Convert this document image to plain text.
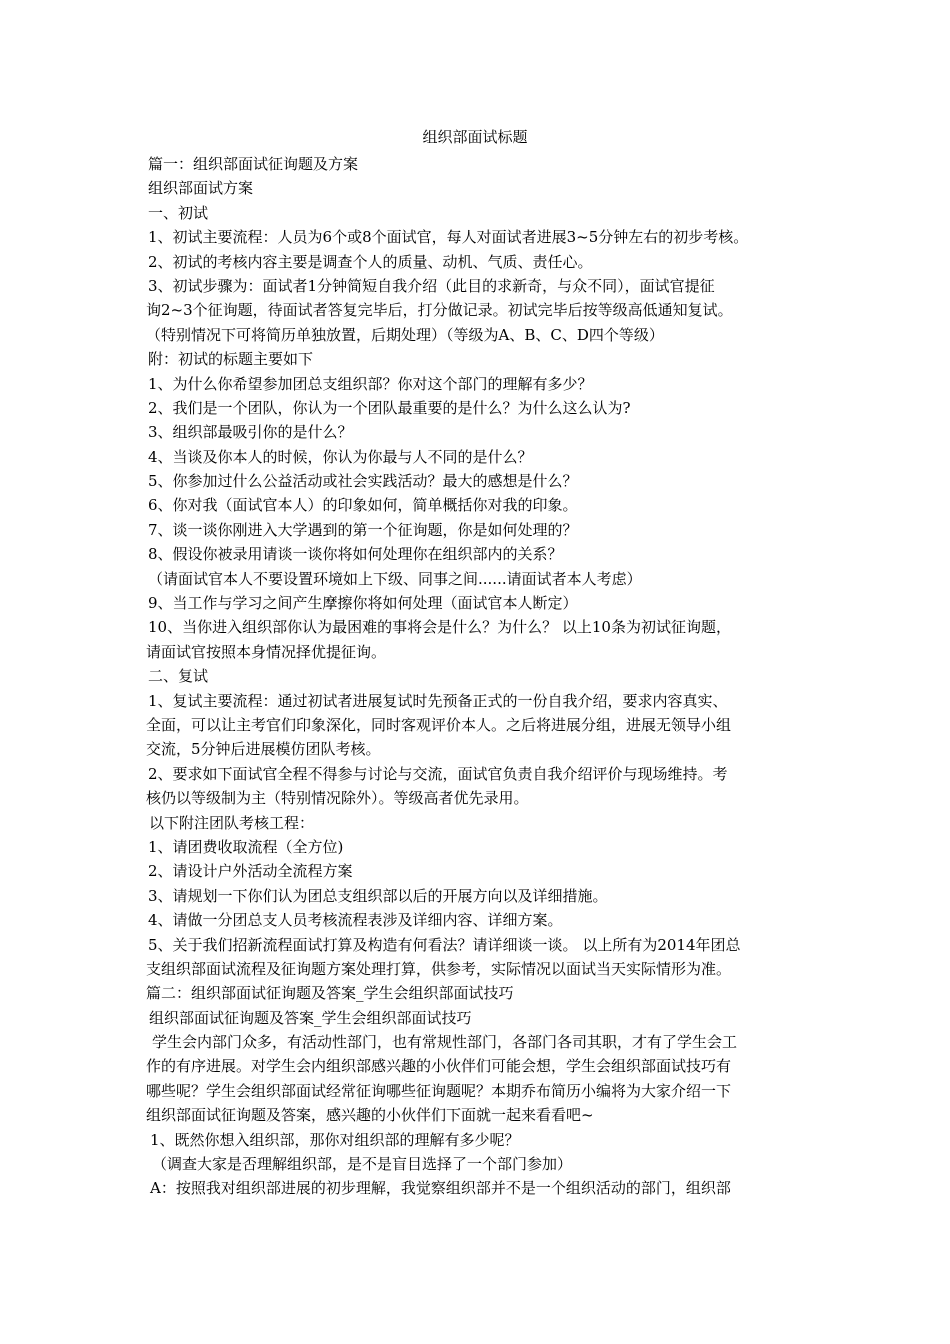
组织部面试标题
篇一：组织部面试征询题及方案
组织部面试方案
一、初试
1、初试主要流程：人员为6个或8个面试官，每人对面试者进展3~5分钟左右的初步考核。
2、初试的考核内容主要是调查个人的质量、动机、气质、责任心。
3、初试步骤为：面试者1分钟简短自我介绍（此目的求新奇，与众不同），面试官提征
询2~3个征询题，待面试者答复完毕后，打分做记录。初试完毕后按等级高低通知复试。
（特别情况下可将简历单独放置，后期处理）（等级为A、B、C、D四个等级）
附：初试的标题主要如下
1、为什么你希望参加团总支组织部？你对这个部门的理解有多少？
2、我们是一个团队，你认为一个团队最重要的是什么？为什么这么认为?
3、组织部最吸引你的是什么？
4、当谈及你本人的时候，你认为你最与人不同的是什么？
5、你参加过什么公益活动或社会实践活动？最大的感想是什么？
6、你对我（面试官本人）的印象如何，简单概括你对我的印象。
7、谈一谈你刚进入大学遇到的第一个征询题，你是如何处理的？
8、假设你被录用请谈一谈你将如何处理你在组织部内的关系？
（请面试官本人不要设置环境如上下级、同事之间......请面试者本人考虑）
9、当工作与学习之间产生摩擦你将如何处理（面试官本人断定）
10、当你进入组织部你认为最困难的事将会是什么？为什么？ 以上10条为初试征询题，
请面试官按照本身情况择优提征询。
二、复试
1、复试主要流程：通过初试者进展复试时先预备正式的一份自我介绍，要求内容真实、
全面，可以让主考官们印象深化，同时客观评价本人。之后将进展分组，进展无领导小组
交流，5分钟后进展模仿团队考核。
2、要求如下面试官全程不得参与讨论与交流，面试官负责自我介绍评价与现场维持。考
核仍以等级制为主（特别情况除外）。等级高者优先录用。
以下附注团队考核工程：
1、请团费收取流程（全方位)
2、请设计户外活动全流程方案
3、请规划一下你们认为团总支组织部以后的开展方向以及详细措施。
4、请做一分团总支人员考核流程表涉及详细内容、详细方案。
5、关于我们招新流程面试打算及构造有何看法？请详细谈一谈。 以上所有为2014年团总
支组织部面试流程及征询题方案处理打算，供参考，实际情况以面试当天实际情形为准。
篇二：组织部面试征询题及答案_学生会组织部面试技巧
组织部面试征询题及答案_学生会组织部面试技巧
学生会内部门众多，有活动性部门，也有常规性部门，各部门各司其职，才有了学生会工
作的有序进展。对学生会内组织部感兴趣的小伙伴们可能会想，学生会组织部面试技巧有
哪些呢？学生会组织部面试经常征询哪些征询题呢？本期乔布简历小编将为大家介绍一下
组织部面试征询题及答案，感兴趣的小伙伴们下面就一起来看看吧~
1、既然你想入组织部，那你对组织部的理解有多少呢？
（调查大家是否理解组织部，是不是盲目选择了一个部门参加）
A：按照我对组织部进展的初步理解，我觉察组织部并不是一个组织活动的部门，组织部
